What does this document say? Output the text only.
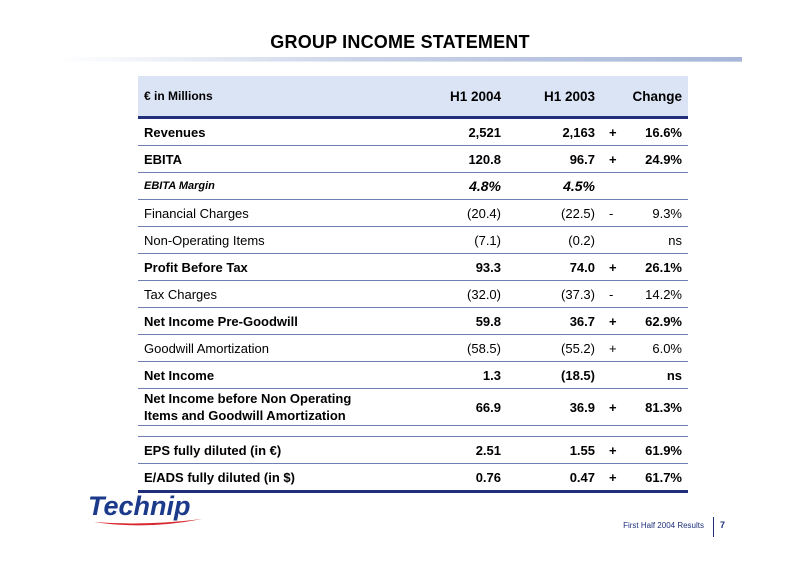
GROUP INCOME STATEMENT
€ in Millions	H1 2004	H1 2003	Change
Revenues	2,521	2,163	+ 16.6%

EBITA	120.8	96.7	+ 24.9%

EBITA Margin	4.8%	4.5%	
Financial Charges	(20.4)	(22.5)	- 9.3%

Non-Operating Items	(7.1)	(0.2)	ns

Profit Before Tax	93.3	74.0	+ 26.1%

Tax Charges	(32.0)	(37.3)	- 14.2%

Net Income Pre-Goodwill	59.8	36.7	+ 62.9%

Goodwill Amortization	(58.5)	(55.2)	+ 6.0%

Net Income	1.3	(18.5)	ns

Net Income before Non Operating
Items and Goodwill Amortization	66.9	36.9	+ 81.3%

EPS fully diluted (in €)	2.51	1.55	+ 61.9%

E/ADS fully diluted (in $)	0.76	0.47	+ 61.7%
Technip
First Half 2004 Results 7
